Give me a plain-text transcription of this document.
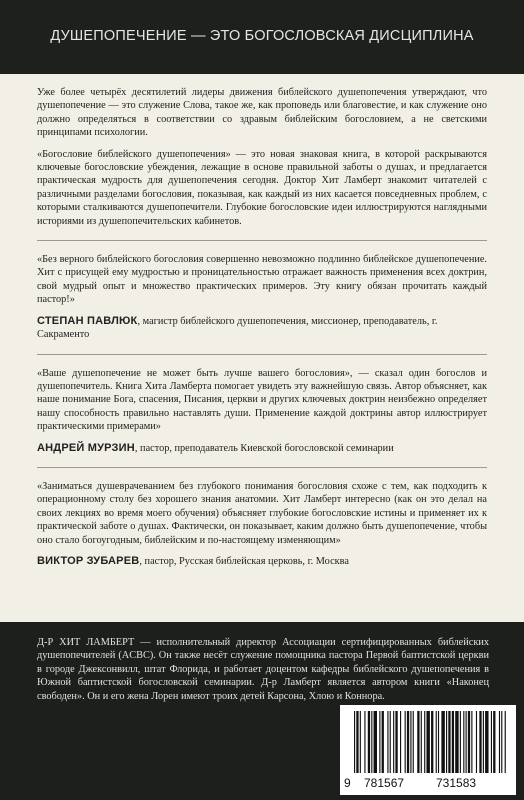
ДУШЕПОПЕЧЕНИЕ — ЭТО БОГОСЛОВСКАЯ ДИСЦИПЛИНА

Уже более четырёх десятилетий лидеры движения библейского душепопечения утверждают, что душепопечение — это служение Слова, такое же, как проповедь или благовестие, и как служение оно должно определяться в соответствии со здравым библейским богословием, а не светскими принципами психологии.

«Богословие библейского душепопечения» — это новая знаковая книга, в которой раскрываются ключевые богословские убеждения, лежащие в основе правильной заботы о душах, и предлагается практическая мудрость для душепопечения сегодня. Доктор Хит Ламберт знакомит читателей с различными разделами богословия, показывая, как каждый из них касается повседневных проблем, с которыми сталкиваются душепопечители. Глубокие богословские идеи иллюстрируются наглядными историями из душепопечительских кабинетов.

«Без верного библейского богословия совершенно невозможно подлинно библейское душепопечение. Хит с присущей ему мудростью и проницательностью отражает важность применения всех доктрин, свой мудрый опыт и множество практических примеров. Эту книгу обязан прочитать каждый пастор!»

СТЕПАН ПАВЛЮК, магистр библейского душепопечения, миссионер, преподаватель, г. Сакраменто

«Ваше душепопечение не может быть лучше вашего богословия», — сказал один богослов и душепопечитель. Книга Хита Ламберта помогает увидеть эту важнейшую связь. Автор объясняет, как наше понимание Бога, спасения, Писания, церкви и других ключевых доктрин неизбежно определяет нашу способность правильно наставлять души. Применение каждой доктрины автор иллюстрирует практическими примерами»

АНДРЕЙ МУРЗИН, пастор, преподаватель Киевской богословской семинарии

«Заниматься душеврачеванием без глубокого понимания богословия схоже с тем, как подходить к операционному столу без хорошего знания анатомии. Хит Ламберт интересно (как он это делал на своих лекциях во время моего обучения) объясняет глубокие богословские истины и применяет их к практической заботе о душах. Фактически, он показывает, каким должно быть душепопечение, чтобы оно стало богоугодным, библейским и по-настоящему изменяющим»

ВИКТОР ЗУБАРЕВ, пастор, Русская библейская церковь, г. Москва
Д-Р ХИТ ЛАМБЕРТ — исполнительный директор Ассоциации сертифицированных библейских душепопечителей (ACBC). Он также несёт служение помощника пастора Первой баптистской церкви в городе Джексонвилл, штат Флорида, и работает доцентом кафедры библейского душепопечения в Южной баптистской богословской семинарии. Д-р Ламберт является автором книги «Наконец свободен». Он и его жена Лорен имеют троих детей Карсона, Хлою и Коннора.
9 781567	731583
